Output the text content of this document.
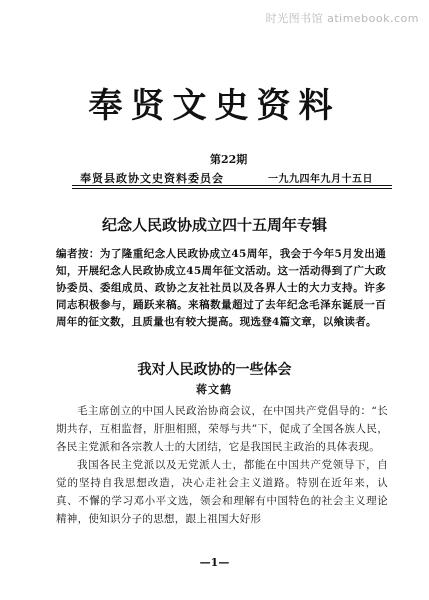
时光图书馆 atimebook.com
奉贤文史资料
第22期
奉贤县政协文史资料委员会	一九九四年九月十五日
纪念人民政协成立四十五周年专辑
编者按：为了隆重纪念人民政协成立45周年，我会于今年5月发出通知，开展纪念人民政协成立45周年征文活动。这一活动得到了广大政协委员、委组成员、政协之友社社员以及各界人士的大力支持。许多同志积极参与，踊跃来稿。来稿数量超过了去年纪念毛泽东诞辰一百周年的征文数，且质量也有较大提高。现选登4篇文章，以飨读者。
我对人民政协的一些体会
蒋文鹤

毛主席创立的中国人民政治协商会议，在中国共产党倡导的：“长期共存，互相监督，肝胆相照，荣辱与共”下，促成了全国各族人民，各民主党派和各宗教人士的大团结，它是我国民主政治的具体表现。

我国各民主党派以及无党派人士，都能在中国共产党领导下，自觉的坚持自我思想改造，决心走社会主义道路。特别在近年来，认真、不懈的学习邓小平文选，领会和理解有中国特色的社会主义理论精神，使知识分子的思想，跟上祖国大好形

—1—
